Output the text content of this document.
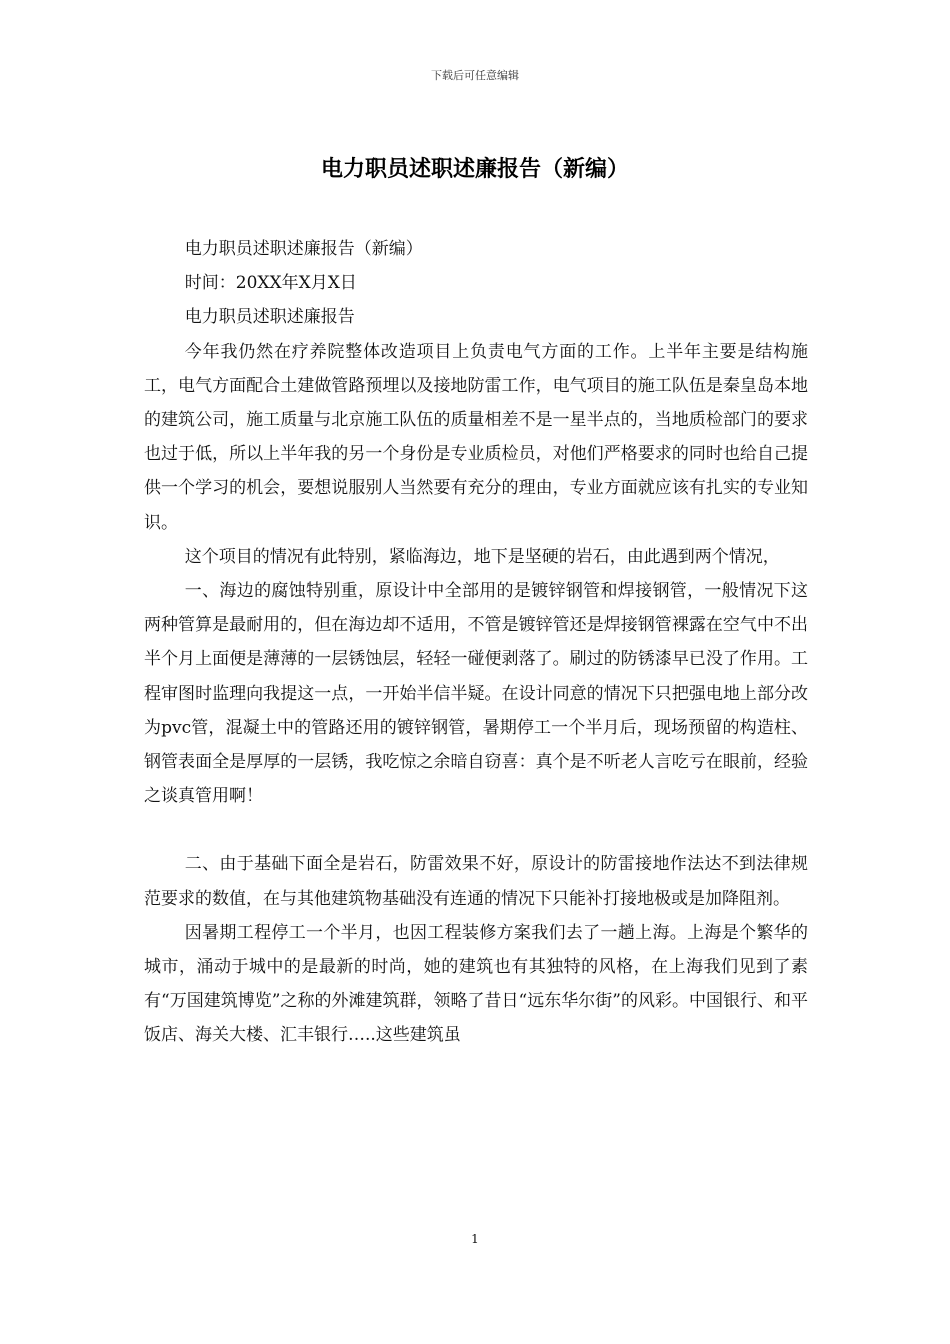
下载后可任意编辑
电力职员述职述廉报告（新编）

电力职员述职述廉报告（新编）

时间：20XX年X月X日

电力职员述职述廉报告

今年我仍然在疗养院整体改造项目上负责电气方面的工作。上半年主要是结构施工，电气方面配合土建做管路预埋以及接地防雷工作，电气项目的施工队伍是秦皇岛本地的建筑公司，施工质量与北京施工队伍的质量相差不是一星半点的，当地质检部门的要求也过于低，所以上半年我的另一个身份是专业质检员，对他们严格要求的同时也给自己提供一个学习的机会，要想说服别人当然要有充分的理由，专业方面就应该有扎实的专业知识。

这个项目的情况有此特别，紧临海边，地下是坚硬的岩石，由此遇到两个情况，

一、海边的腐蚀特别重，原设计中全部用的是镀锌钢管和焊接钢管，一般情况下这两种管算是最耐用的，但在海边却不适用，不管是镀锌管还是焊接钢管裸露在空气中不出半个月上面便是薄薄的一层锈蚀层，轻轻一碰便剥落了。刷过的防锈漆早已没了作用。工程审图时监理向我提这一点，一开始半信半疑。在设计同意的情况下只把强电地上部分改为pvc管，混凝土中的管路还用的镀锌钢管，暑期停工一个半月后，现场预留的构造柱、钢管表面全是厚厚的一层锈，我吃惊之余暗自窃喜：真个是不听老人言吃亏在眼前，经验之谈真管用啊！

二、由于基础下面全是岩石，防雷效果不好，原设计的防雷接地作法达不到法律规范要求的数值，在与其他建筑物基础没有连通的情况下只能补打接地极或是加降阻剂。

因暑期工程停工一个半月，也因工程装修方案我们去了一趟上海。上海是个繁华的城市，涌动于城中的是最新的时尚，她的建筑也有其独特的风格，在上海我们见到了素有“万国建筑博览”之称的外滩建筑群，领略了昔日“远东华尔街”的风彩。中国银行、和平饭店、海关大楼、汇丰银行…..这些建筑虽

1
